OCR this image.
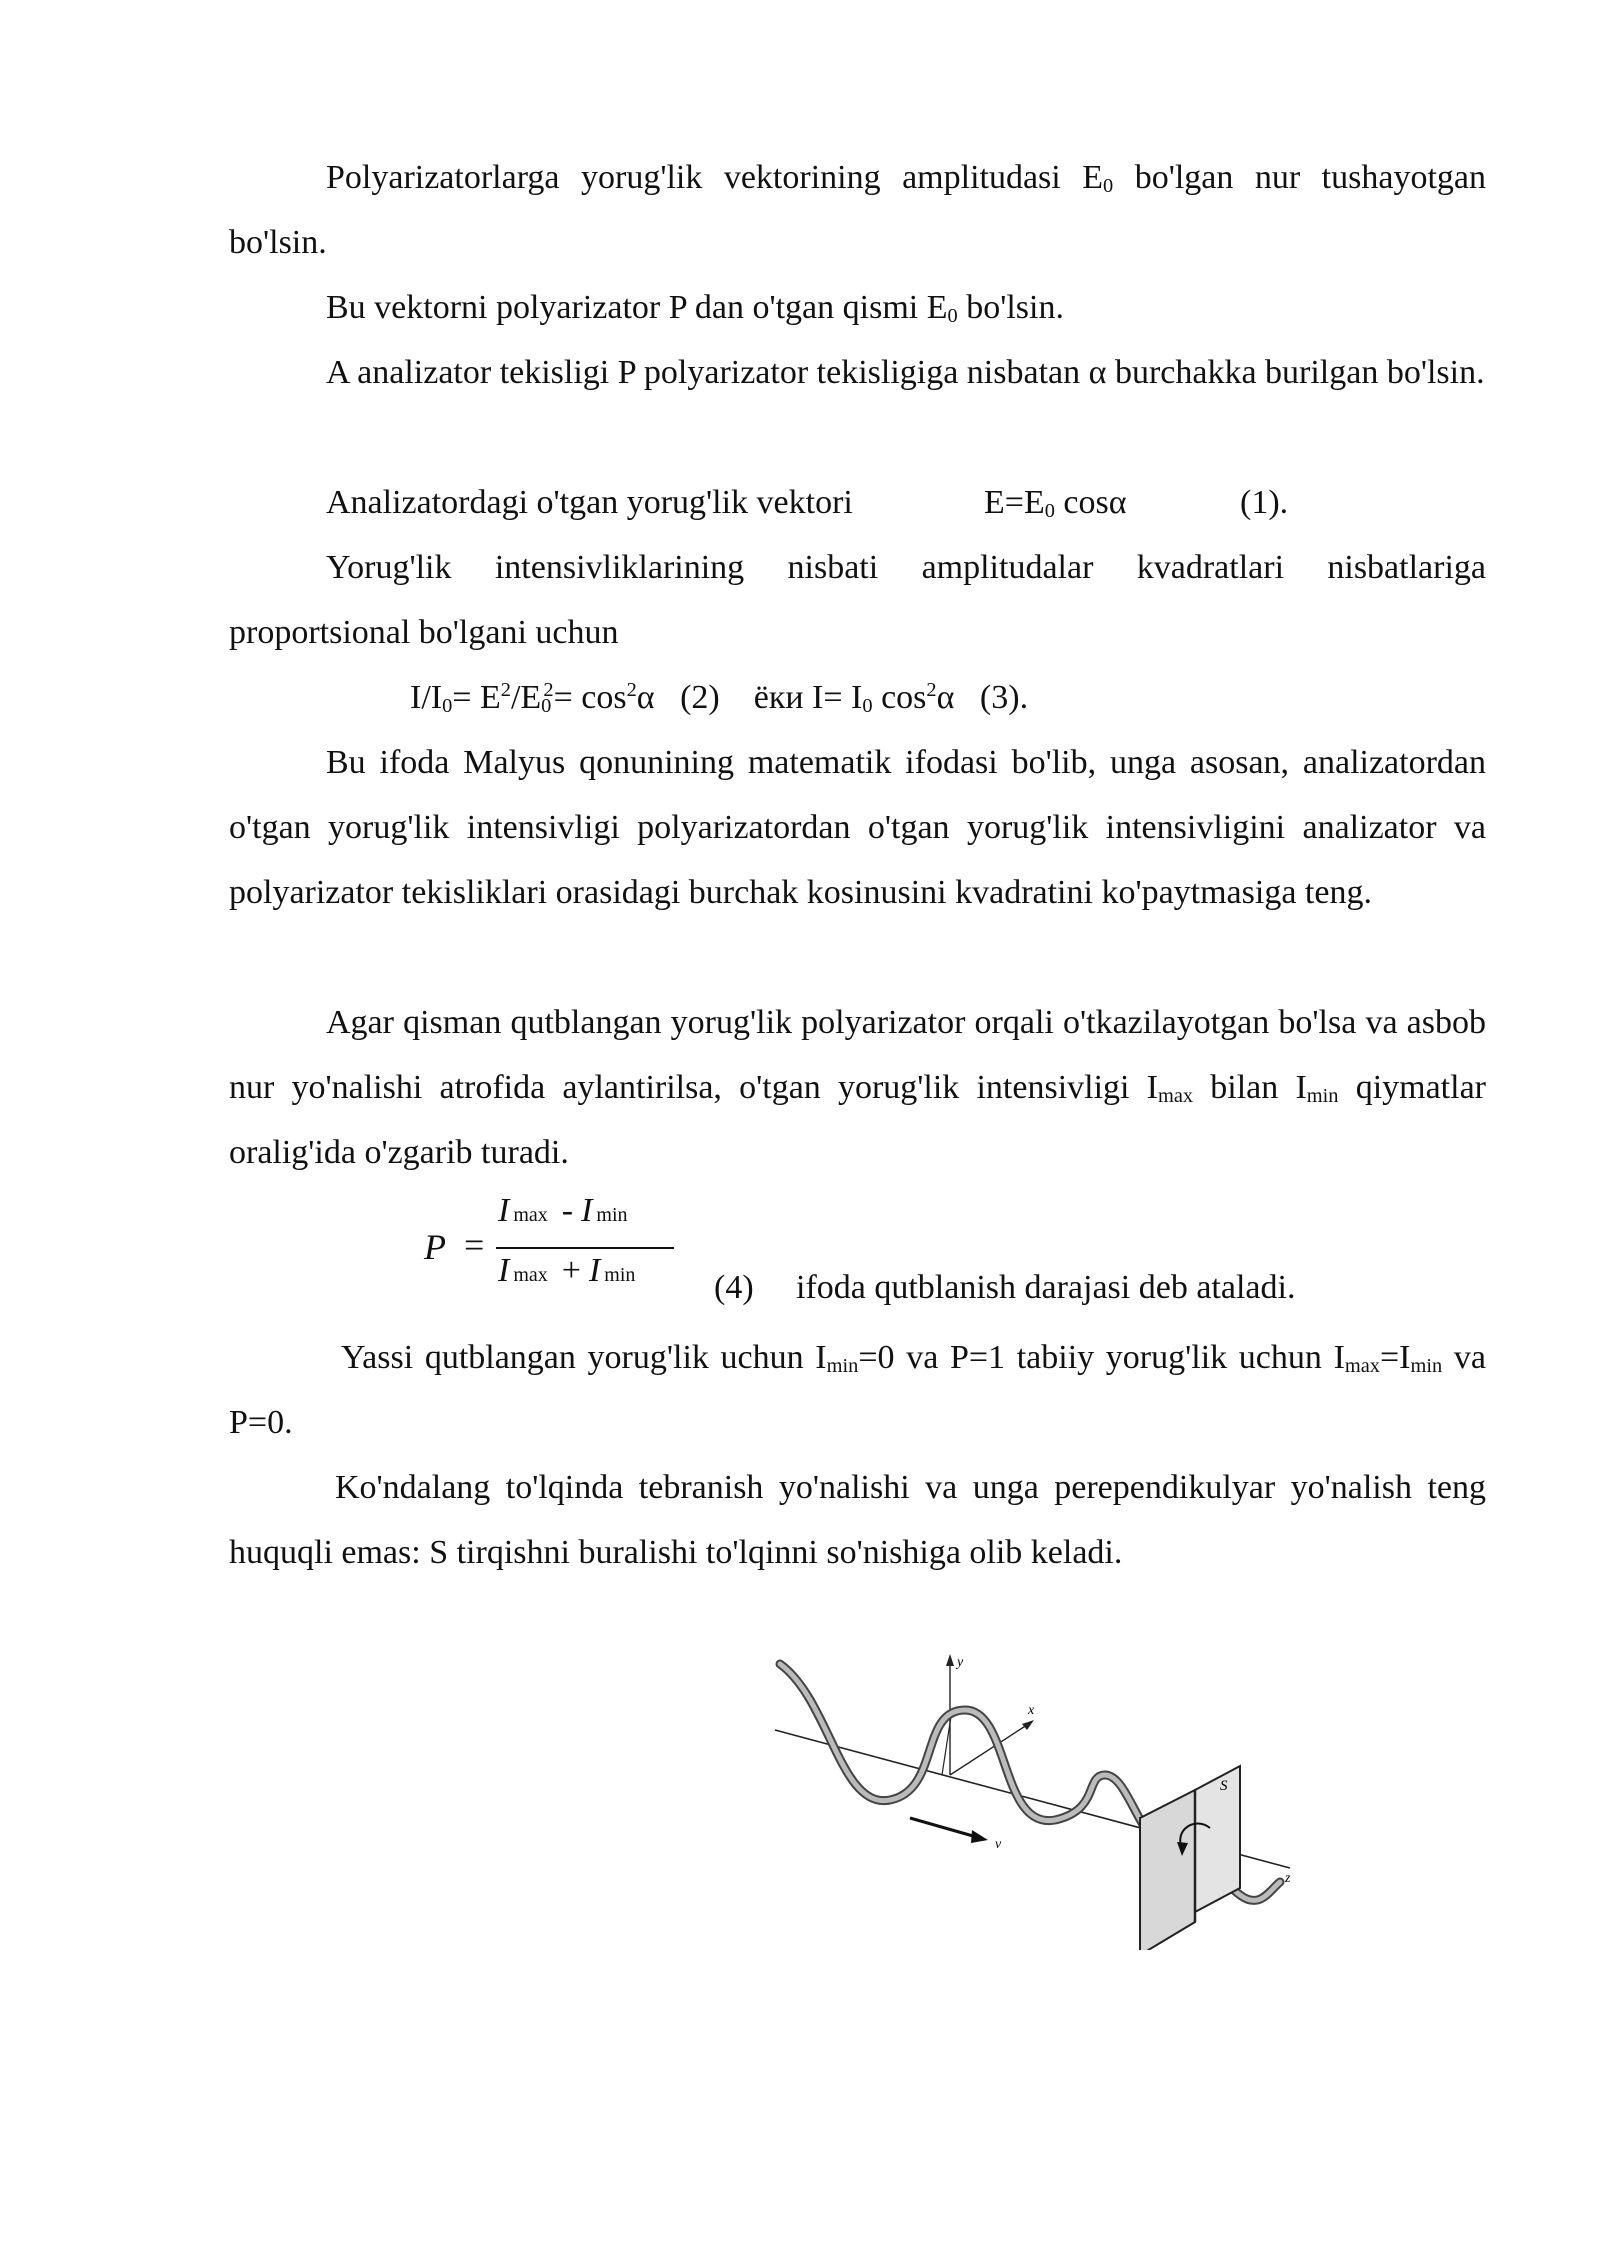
Polyarizatorlarga yorug'lik vektorining amplitudasi $E_0$ bo'lgan nur tushayotgan bo'lsin.

Bu vektorni polyarizator P dan o'tgan qismi $E_0$ bo'lsin.

A analizator tekisligi P polyarizator tekisligiga nisbatan α burchakka burilgan bo'lsin.

Analizatordagi o'tgan yorug'lik vektori	$E=E_0$ cosα	(1).

Yorug'lik intensivliklarining nisbati amplitudalar kvadratlari nisbatlariga proportsional bo'lgani uchun

$I/I_0= E^2/E_0^2= \cos^2\alpha$   (2)    ёки $I= I_0$ $\cos^2\alpha$   (3).

Bu ifoda Malyus qonunining matematik ifodasi bo'lib, unga asosan, analizatordan o'tgan yorug'lik intensivligi polyarizatordan o'tgan yorug'lik intensivligini analizator va polyarizator tekisliklari orasidagi burchak kosinusini kvadratini ko'paytmasiga teng.

Agar qisman qutblangan yorug'lik polyarizator orqali o'tkazilayotgan bo'lsa va asbob nur yo'nalishi atrofida aylantirilsa, o'tgan yorug'lik intensivligi $I_{max}$ bilan $I_{min}$ qiymatlar oralig'ida o'zgarib turadi.

P =
Imax - I min
Imax + I min (4) ifoda qutblanish darajasi deb ataladi.

Yassi qutblangan yorug'lik uchun $I_{min}=0$ va P=1 tabiiy yorug'lik uchun $I_{max}=I_{min}$ va P=0.

Ko'ndalang to'lqinda tebranish yo'nalishi va unga perependikulyar yo'nalish teng huquqli emas: S tirqishni buralishi to'lqinni so'nishiga olib keladi.

y
x
z
v
S
